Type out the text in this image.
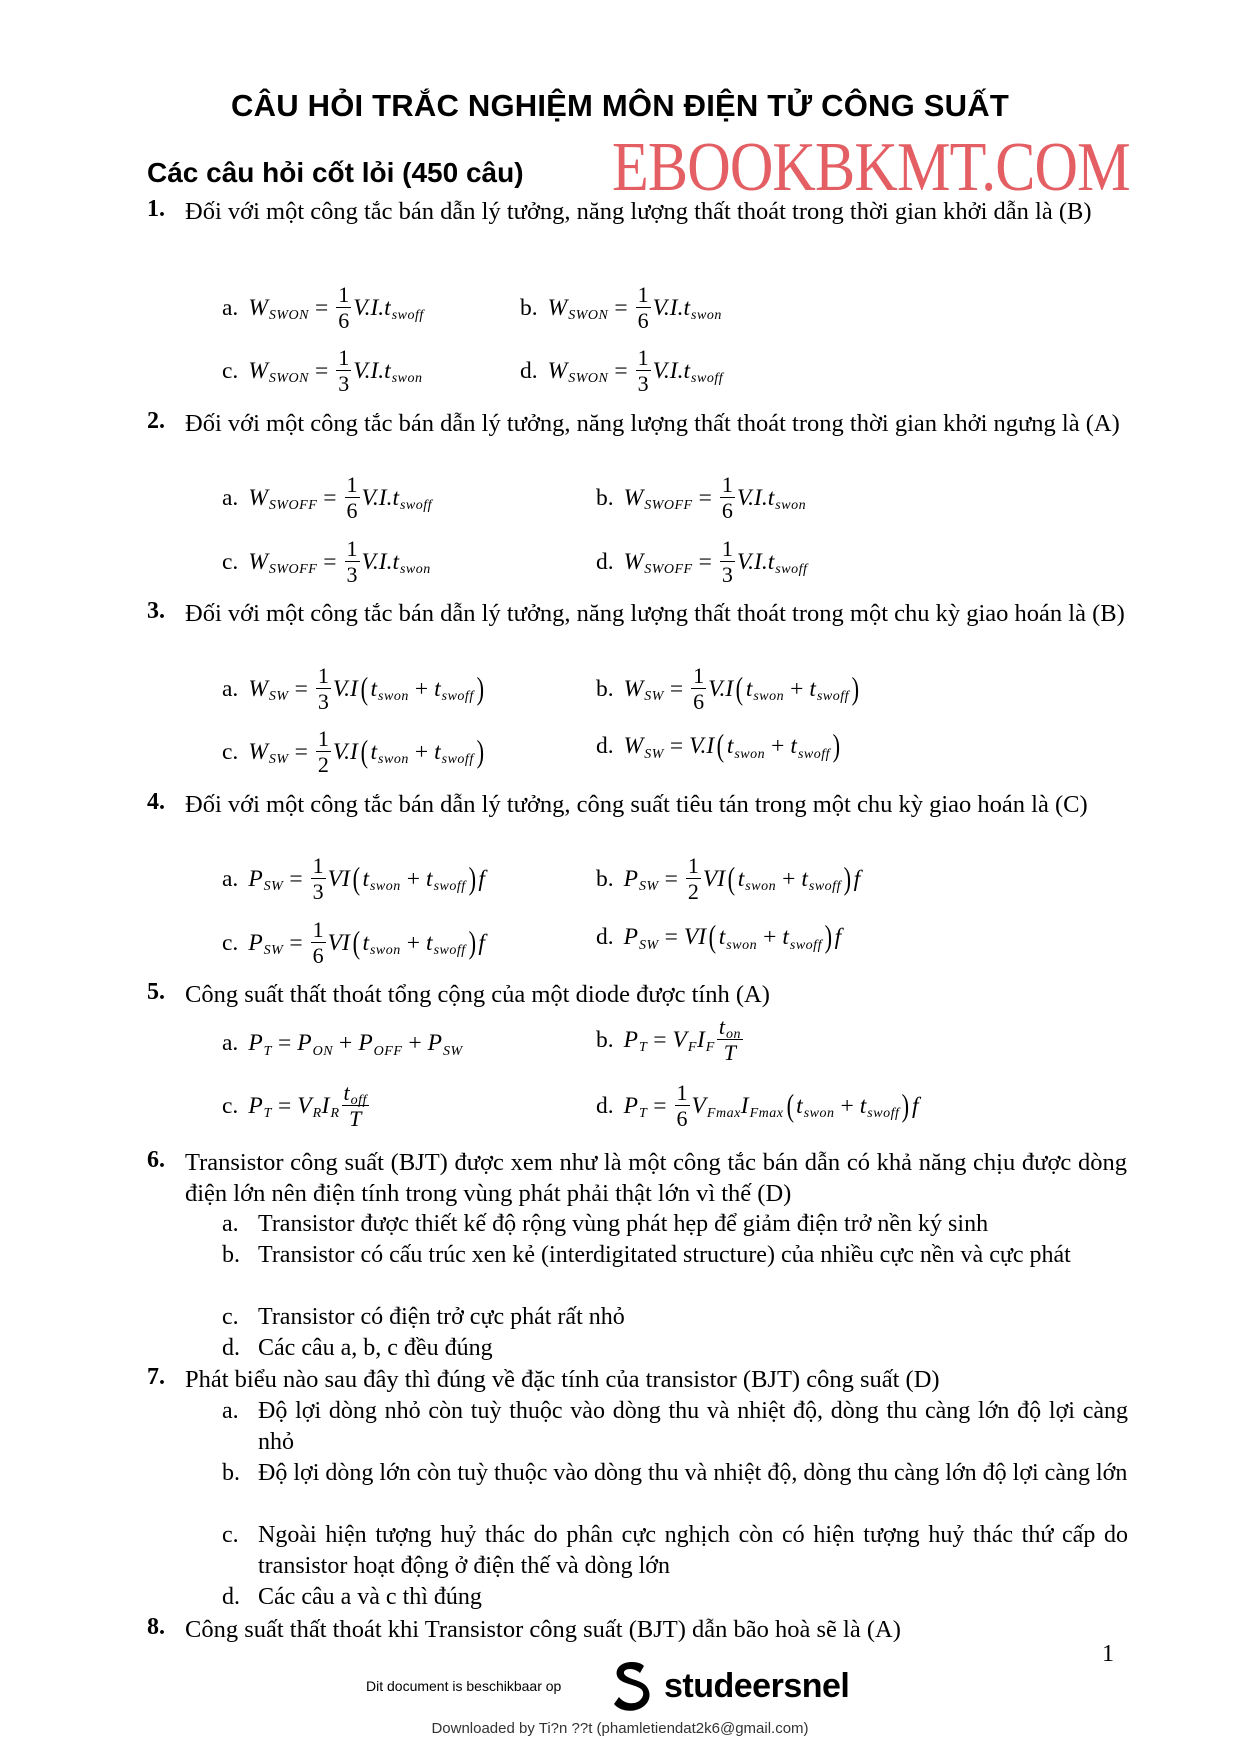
CÂU HỎI TRẮC NGHIỆM MÔN ĐIỆN TỬ CÔNG SUẤT
Các câu hỏi cốt lỏi (450 câu) EBOOKBKMT.COM
1. Đối với một công tắc bán dẫn lý tưởng, năng lượng thất thoát trong thời gian khởi dẫn là (B)
2. Đối với một công tắc bán dẫn lý tưởng, năng lượng thất thoát trong thời gian khởi ngưng là (A)
3. Đối với một công tắc bán dẫn lý tưởng, năng lượng thất thoát trong một chu kỳ giao hoán là (B)
4. Đối với một công tắc bán dẫn lý tưởng, công suất tiêu tán trong một chu kỳ giao hoán là (C)
5. Công suất thất thoát tổng cộng của một diode được tính (A)
a. P T = P ON + P OFF + P SW	b. P T = V F I F $\frac{\text{ton}}{T}$
c. P T = V R I R $\frac{\text{toff}}{T}$	d. P $T = \frac{1}{6}$ V Fmax I Fmax ( t swon + t swoff ) f
6. Transistor công suất (BJT) được xem như là một công tắc bán dẫn có khả năng chịu được dòng điện lớn nên điện tính trong vùng phát phải thật lớn vì thế (D)
a. Transistor được thiết kế độ rộng vùng phát hẹp để giảm điện trở nền ký sinh
b. Transistor có cấu trúc xen kẻ (interdigitated structure) của nhiều cực nền và cực phát
c. Transistor có điện trở cực phát rất nhỏ
d. Các câu a, b, c đều đúng
7. Phát biểu nào sau đây thì đúng về đặc tính của transistor (BJT) công suất (D)
a. Độ lợi dòng nhỏ còn tuỳ thuộc vào dòng thu và nhiệt độ, dòng thu càng lớn độ lợi càng nhỏ
b. Độ lợi dòng lớn còn tuỳ thuộc vào dòng thu và nhiệt độ, dòng thu càng lớn độ lợi càng lớn
c. Ngoài hiện tượng huỷ thác do phân cực nghịch còn có hiện tượng huỷ thác thứ cấp do transistor hoạt động ở điện thế và dòng lớn
d. Các câu a và c thì đúng
8. Công suất thất thoát khi Transistor công suất (BJT) dẫn bão hoà sẽ là (A)
1
Dit document is beschikbaar op	studeersnel
Downloaded by Ti?n ??t (phamletiendat2k6@gmail.com)
a. W SWON = $\frac{1}{6} V.I.t$ swoff	b. W SWON = $\frac{1}{6} V.I.t$ swon
c. W SWON = $\frac{1}{3} V.I.t$ swon	d. W SWON = $\frac{1}{3} V.I.t$ swoff
a. W SWOFF = $\frac{1}{6} V.I.t$ swoff	b. W SWOFF = $\frac{1}{6} V.I.t$ swon
c. W SWOFF = $\frac{1}{3} V.I.t$ swon	d. W SWOFF = $\frac{1}{3} V.I.t$ swoff
a. W SW = $\frac{1}{3} V.I$ ( t swon + t swoff )	b. W SW = $\frac{1}{6} V.I$ ( t swon + t swoff )
c. W SW = $\frac{1}{2} V.I$ ( t swon + t swoff )	d. W SW = V.I ( t swon + t swoff )
a. P SW = $\frac{1}{3}$ VI ( t swon + t swoff ) f	b. P SW = $\frac{1}{2}$ VI ( t swon + t swoff ) f
c. P SW = $\frac{1}{6}$ VI ( t swon + t swoff ) f	d. P SW = VI ( t swon + t swoff ) f
